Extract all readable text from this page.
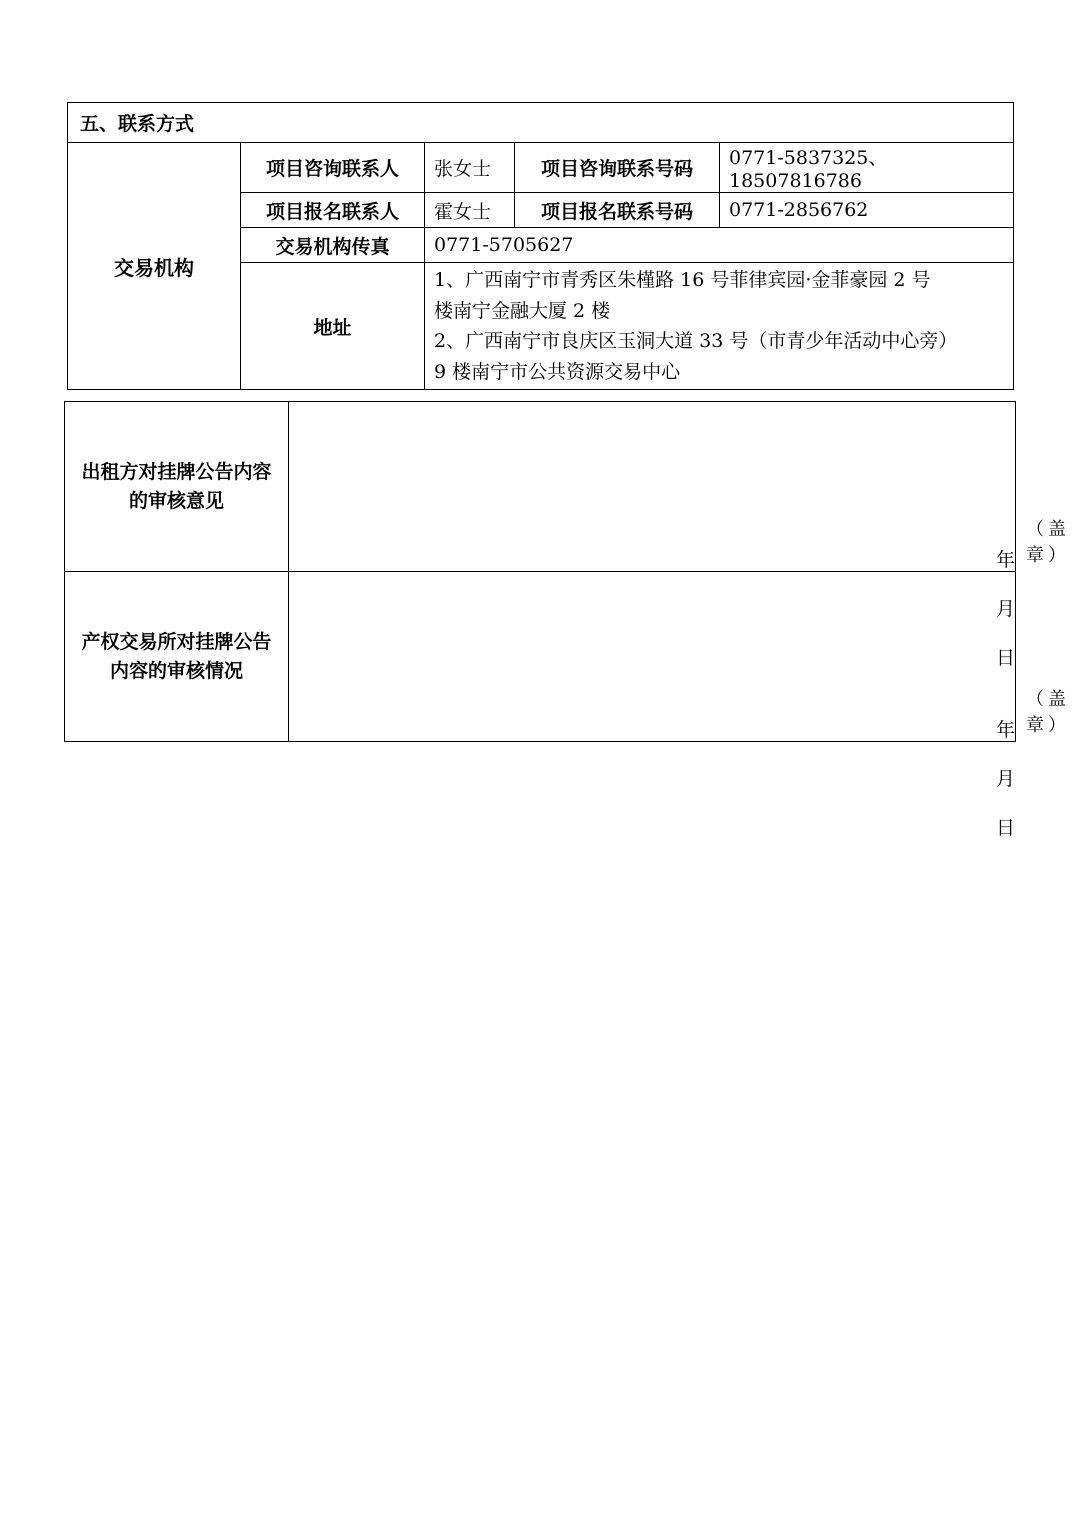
五、联系方式				
交易机构	项目咨询联系人	张女士	项目咨询联系号码	0771-5837325、18507816786
	项目报名联系人	霍女士	项目报名联系号码	0771-2856762
	交易机构传真	0771-5705627		
	地址	1、广西南宁市青秀区朱槿路 16 号菲律宾园·金菲豪园 2 号
楼南宁金融大厦 2 楼
2、广西南宁市良庆区玉洞大道 33 号（市青少年活动中心旁）
9 楼南宁市公共资源交易中心		
出租方对挂牌公告内容的审核意见	（盖 章）
年月日

产权交易所对挂牌公告内容的审核情况	（盖 章）
年月日
